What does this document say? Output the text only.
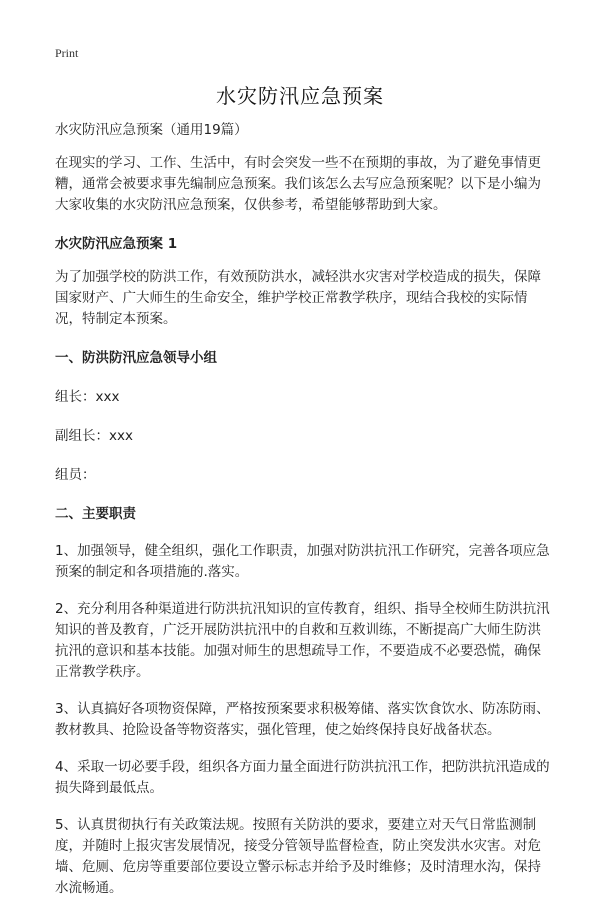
Print
水灾防汛应急预案

水灾防汛应急预案（通用19篇）

在现实的学习、工作、生活中，有时会突发一些不在预期的事故，为了避免事情更糟，通常会被要求事先编制应急预案。我们该怎么去写应急预案呢？以下是小编为大家收集的水灾防汛应急预案，仅供参考，希望能够帮助到大家。

水灾防汛应急预案 1

为了加强学校的防洪工作，有效预防洪水，减轻洪水灾害对学校造成的损失，保障国家财产、广大师生的生命安全，维护学校正常教学秩序，现结合我校的实际情况，特制定本预案。

一、防洪防汛应急领导小组

组长：xxx

副组长：xxx

组员：

二、主要职责

1、加强领导，健全组织，强化工作职责，加强对防洪抗汛工作研究，完善各项应急预案的制定和各项措施的.落实。

2、充分利用各种渠道进行防洪抗汛知识的宣传教育，组织、指导全校师生防洪抗汛知识的普及教育，广泛开展防洪抗汛中的自救和互救训练，不断提高广大师生防洪抗汛的意识和基本技能。加强对师生的思想疏导工作，不要造成不必要恐慌，确保正常教学秩序。

3、认真搞好各项物资保障，严格按预案要求积极筹储、落实饮食饮水、防冻防雨、教材教具、抢险设备等物资落实，强化管理，使之始终保持良好战备状态。

4、采取一切必要手段，组织各方面力量全面进行防洪抗汛工作，把防洪抗汛造成的损失降到最低点。

5、认真贯彻执行有关政策法规。按照有关防洪的要求，要建立对天气日常监测制度，并随时上报灾害发展情况，接受分管领导监督检查，防止突发洪水灾害。对危墙、危厕、危房等重要部位要设立警示标志并给予及时维修；及时清理水沟，保持水流畅通。
